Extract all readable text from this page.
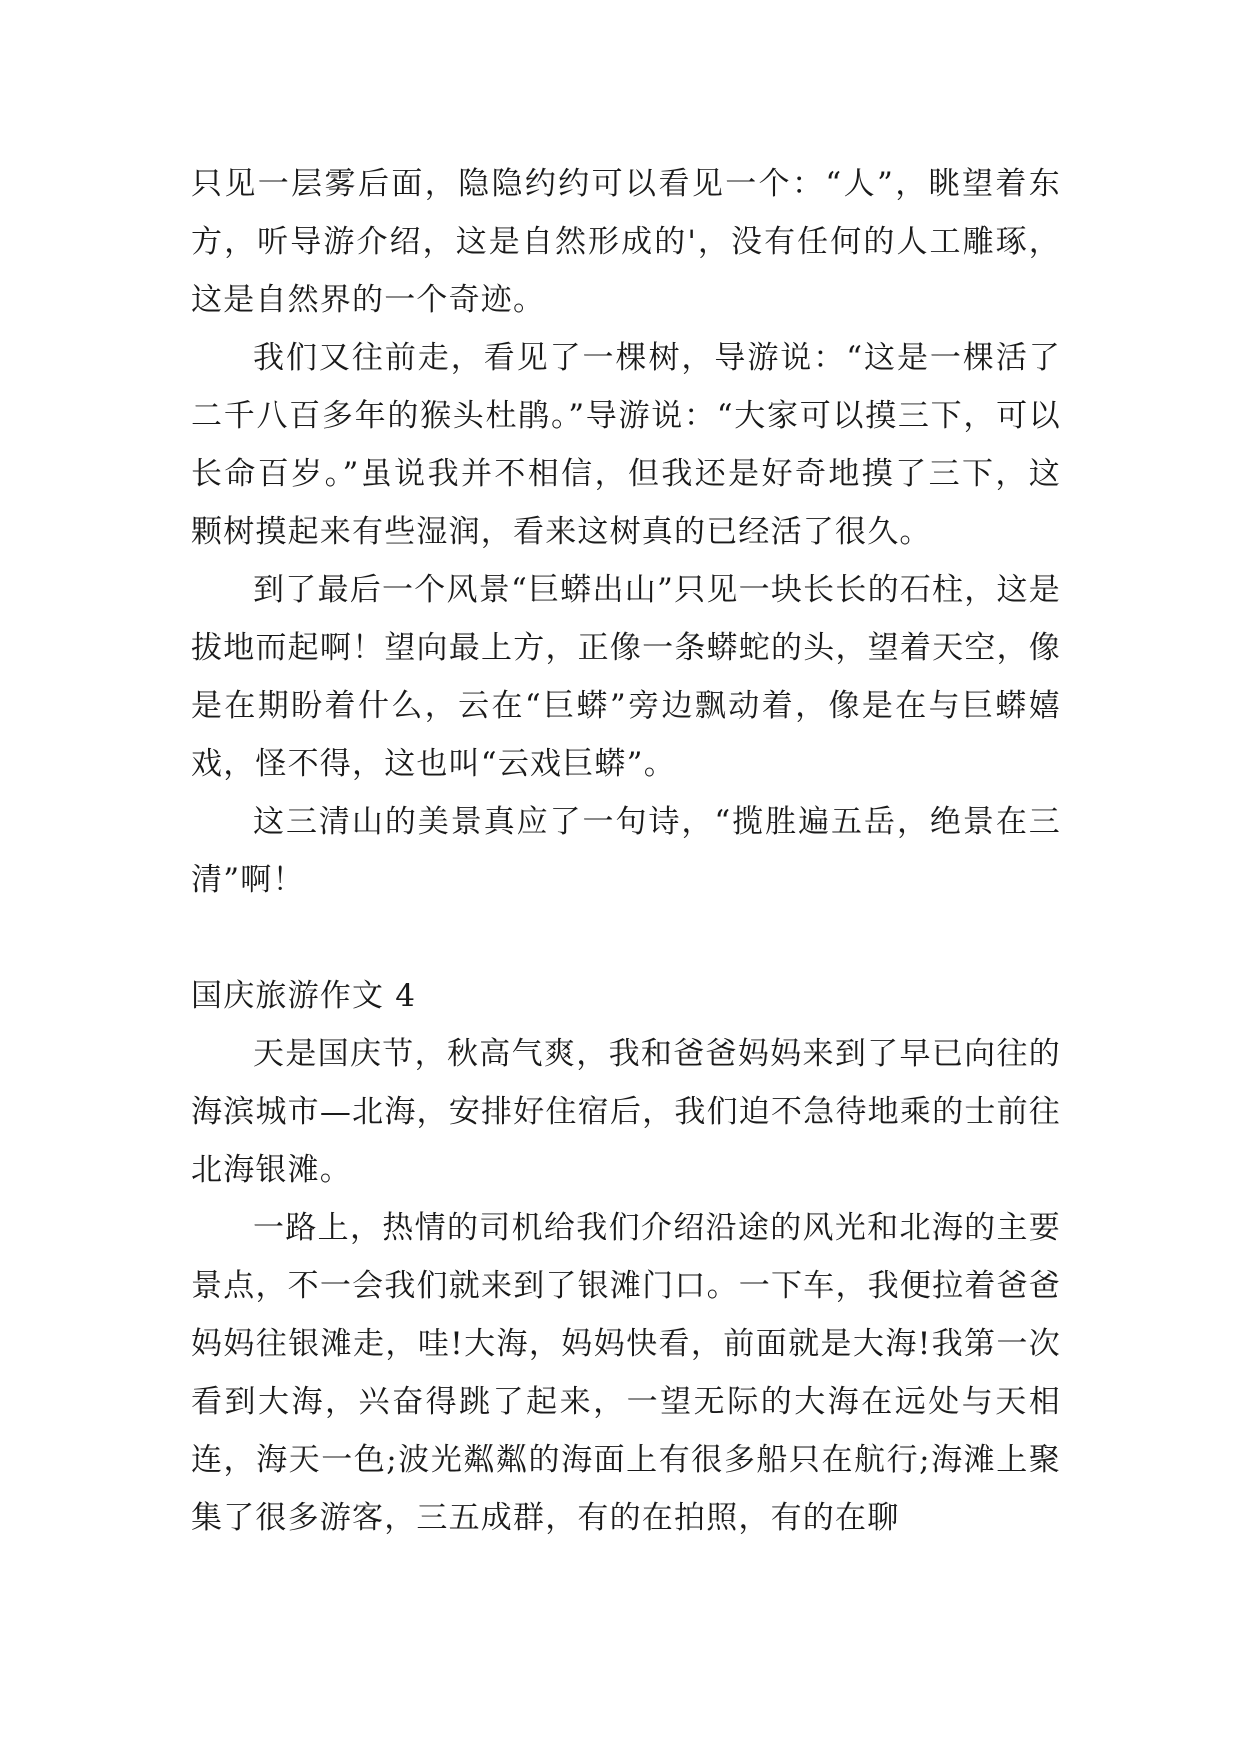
只见一层雾后面，隐隐约约可以看见一个：“人”，眺望着东方，听导游介绍，这是自然形成的'，没有任何的人工雕琢，这是自然界的一个奇迹。

我们又往前走，看见了一棵树，导游说：“这是一棵活了二千八百多年的猴头杜鹃。”导游说：“大家可以摸三下，可以长命百岁。”虽说我并不相信，但我还是好奇地摸了三下，这颗树摸起来有些湿润，看来这树真的已经活了很久。

到了最后一个风景“巨蟒出山”只见一块长长的石柱，这是拔地而起啊！望向最上方，正像一条蟒蛇的头，望着天空，像是在期盼着什么，云在“巨蟒”旁边飘动着，像是在与巨蟒嬉戏，怪不得，这也叫“云戏巨蟒”。

这三清山的美景真应了一句诗，“揽胜遍五岳，绝景在三清”啊！

国庆旅游作文 4

天是国庆节，秋高气爽，我和爸爸妈妈来到了早已向往的海滨城市—北海，安排好住宿后，我们迫不急待地乘的士前往北海银滩。

一路上，热情的司机给我们介绍沿途的风光和北海的主要景点，不一会我们就来到了银滩门口。一下车，我便拉着爸爸妈妈往银滩走，哇!大海，妈妈快看，前面就是大海!我第一次看到大海，兴奋得跳了起来，一望无际的大海在远处与天相连，海天一色;波光粼粼的海面上有很多船只在航行;海滩上聚集了很多游客，三五成群，有的在拍照，有的在聊
